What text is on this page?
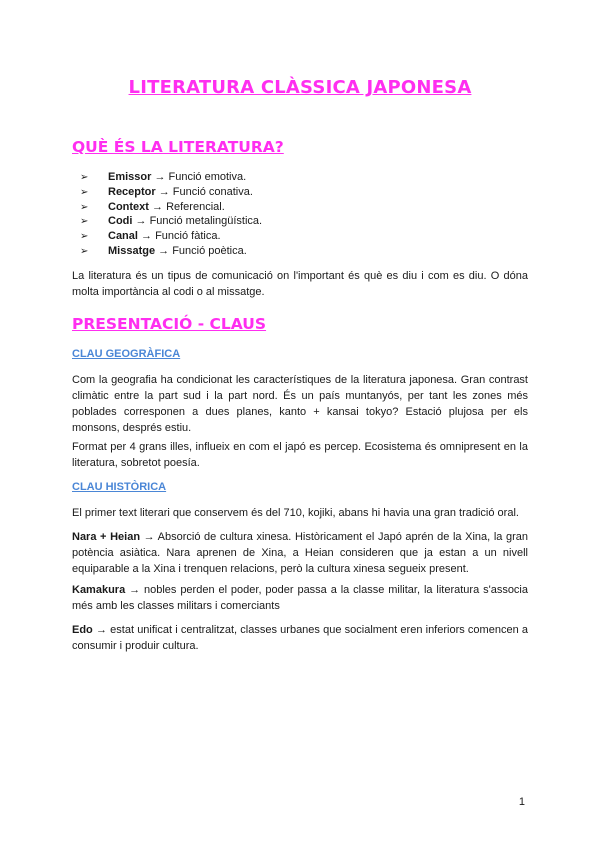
LITERATURA CLÀSSICA JAPONESA
QUÈ ÉS LA LITERATURA?
➢ Emissor → Funció emotiva.
➢ Receptor → Funció conativa.
➢ Context → Referencial.
➢ Codi → Funció metalingüística.
➢ Canal → Funció fàtica.
➢ Missatge → Funció poètica.

La literatura és un tipus de comunicació on l'important és què es diu i com es diu. O dóna molta importància al codi o al missatge.

PRESENTACIÓ - CLAUS
CLAU GEOGRÀFICA

Com la geografia ha condicionat les característiques de la literatura japonesa. Gran contrast climàtic entre la part sud i la part nord. És un país muntanyós, per tant les zones més poblades corresponen a dues planes, kanto + kansai tokyo? Estació plujosa per els monsons, després estiu.

Format per 4 grans illes, influeix en com el japó es percep. Ecosistema és omnipresent en la literatura, sobretot poesía.

CLAU HISTÒRICA

El primer text literari que conservem és del 710, kojiki, abans hi havia una gran tradició oral.

Nara + Heian → Absorció de cultura xinesa. Històricament el Japó aprén de la Xina, la gran potència asiàtica. Nara aprenen de Xina, a Heian consideren que ja estan a un nivell equiparable a la Xina i trenquen relacions, però la cultura xinesa segueix present.

Kamakura → nobles perden el poder, poder passa a la classe militar, la literatura s'associa més amb les classes militars i comerciants

Edo → estat unificat i centralitzat, classes urbanes que socialment eren inferiors comencen a consumir i produir cultura.

1
